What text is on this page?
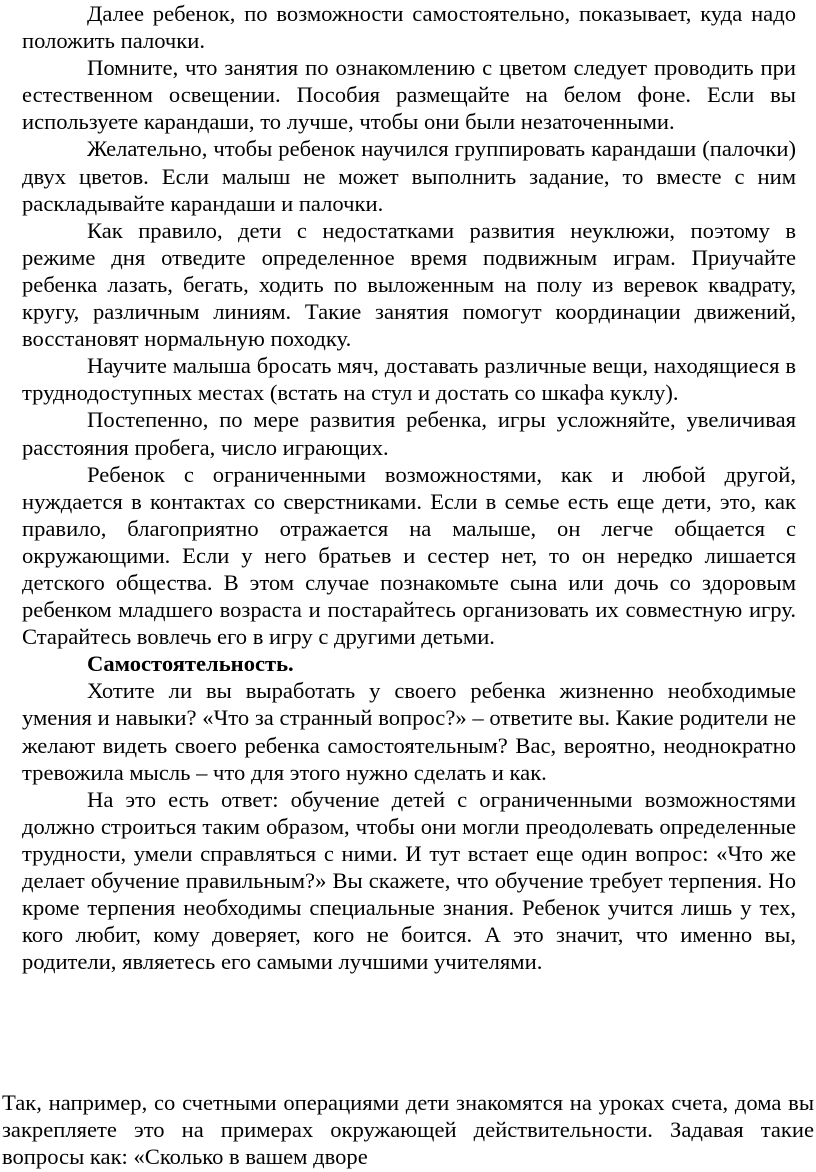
Далее ребенок, по возможности самостоятельно, показывает, куда надо положить палочки.

Помните, что занятия по ознакомлению с цветом следует проводить при естественном освещении. Пособия размещайте на белом фоне. Если вы используете карандаши, то лучше, чтобы они были незаточенными.

Желательно, чтобы ребенок научился группировать карандаши (палочки) двух цветов. Если малыш не может выполнить задание, то вместе с ним раскладывайте карандаши и палочки.

Как правило, дети с недостатками развития неуклюжи, поэтому в режиме дня отведите определенное время подвижным играм. Приучайте ребенка лазать, бегать, ходить по выложенным на полу из веревок квадрату, кругу, различным линиям. Такие занятия помогут координации движений, восстановят нормальную походку.

Научите малыша бросать мяч, доставать различные вещи, находящиеся в труднодоступных местах (встать на стул и достать со шкафа куклу).

Постепенно, по мере развития ребенка, игры усложняйте, увеличивая расстояния пробега, число играющих.

Ребенок с ограниченными возможностями, как и любой другой, нуждается в контактах со сверстниками. Если в семье есть еще дети, это, как правило, благоприятно отражается на малыше, он легче общается с окружающими. Если у него братьев и сестер нет, то он нередко лишается детского общества. В этом случае познакомьте сына или дочь со здоровым ребенком младшего возраста и постарайтесь организовать их совместную игру. Старайтесь вовлечь его в игру с другими детьми.

Самостоятельность.

Хотите ли вы выработать у своего ребенка жизненно необходимые умения и навыки? «Что за странный вопрос?» – ответите вы. Какие родители не желают видеть своего ребенка самостоятельным? Вас, вероятно, неоднократно тревожила мысль – что для этого нужно сделать и как.

На это есть ответ: обучение детей с ограниченными возможностями должно строиться таким образом, чтобы они могли преодолевать определенные трудности, умели справляться с ними. И тут встает еще один вопрос: «Что же делает обучение правильным?» Вы скажете, что обучение требует терпения. Но кроме терпения необходимы специальные знания. Ребенок учится лишь у тех, кого любит, кому доверяет, кого не боится. А это значит, что именно вы, родители, являетесь его самыми лучшими учителями.

Так, например, со счетными операциями дети знакомятся на уроках счета, дома вы закрепляете это на примерах окружающей действительности. Задавая такие вопросы как: «Сколько в вашем дворе
